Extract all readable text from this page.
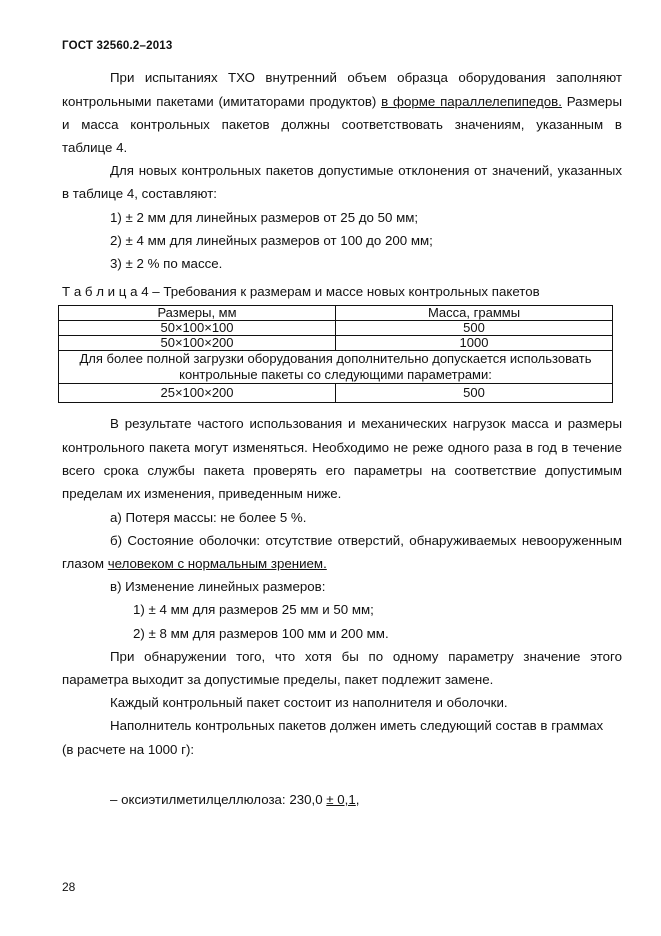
ГОСТ 32560.2–2013
При испытаниях ТХО внутренний объем образца оборудования заполняют
контрольными пакетами (имитаторами продуктов) в форме параллелепипедов. Размеры
и масса контрольных пакетов должны соответствовать значениям, указанным в
таблице 4.
Для новых контрольных пакетов допустимые отклонения от значений, указанных
в таблице 4, составляют:
1) ± 2 мм для линейных размеров от 25 до 50 мм;
2) ± 4 мм для линейных размеров от 100 до 200 мм;
3) ± 2 % по массе.
Т а б л и ц а 4 – Требования к размерам и массе новых контрольных пакетов
Размеры, мм	Масса, граммы
50×100×100	500
50×100×200	1000

Для более полной загрузки оборудования дополнительно допускается использовать
контрольные пакеты со следующими параметрами:	

25×100×200	500
В результате частого использования и механических нагрузок масса и размеры
контрольного пакета могут изменяться. Необходимо не реже одного раза в год в течение
всего срока службы пакета проверять его параметры на соответствие допустимым
пределам их изменения, приведенным ниже.
а) Потеря массы: не более 5 %.
б) Состояние оболочки: отсутствие отверстий, обнаруживаемых невооруженным
глазом человеком с нормальным зрением.
в) Изменение линейных размеров:
1) ± 4 мм для размеров 25 мм и 50 мм;
2) ± 8 мм для размеров 100 мм и 200 мм.
При обнаружении того, что хотя бы по одному параметру значение этого
параметра выходит за допустимые пределы, пакет подлежит замене.
Каждый контрольный пакет состоит из наполнителя и оболочки.
Наполнитель контрольных пакетов должен иметь следующий состав в граммах
(в расчете на 1000 г):
– оксиэтилметилцеллюлоза: 230,0 ± 0,1,
28
